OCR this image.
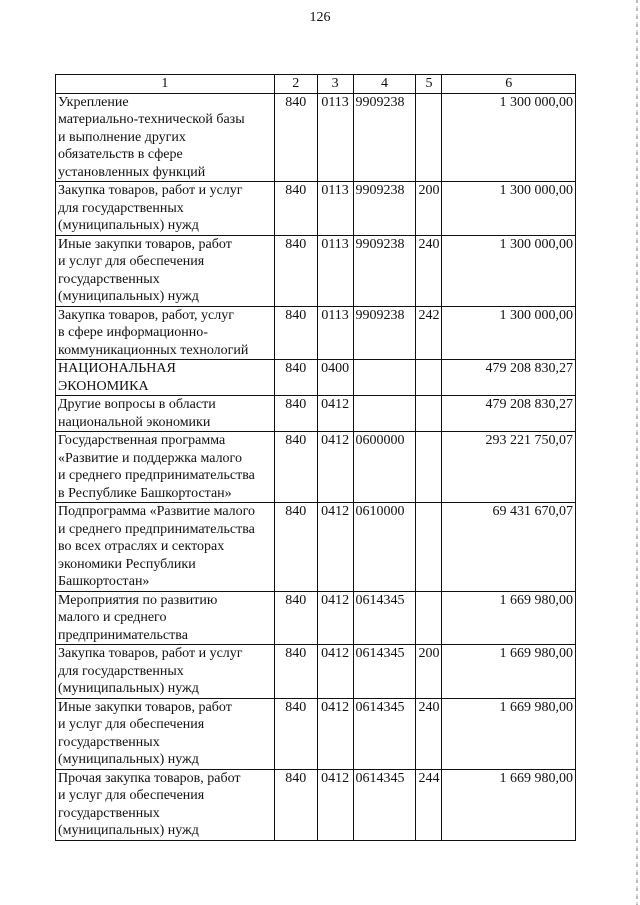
126
1	2	3	4	5	6

Укрепление
материально-технической базы
и выполнение других
обязательств в сфере
установленных функций	840	0113	9909238		1 300 000,00

Закупка товаров, работ и услуг
для государственных
(муниципальных) нужд	840	0113	9909238	200	1 300 000,00

Иные закупки товаров, работ
и услуг для обеспечения
государственных
(муниципальных) нужд	840	0113	9909238	240	1 300 000,00

Закупка товаров, работ, услуг
в сфере информационно-
коммуникационных технологий	840	0113	9909238	242	1 300 000,00

НАЦИОНАЛЬНАЯ
ЭКОНОМИКА	840	0400			479 208 830,27

Другие вопросы в области
национальной экономики	840	0412			479 208 830,27

Государственная программа
«Развитие и поддержка малого
и среднего предпринимательства
в Республике Башкортостан»	840	0412	0600000		293 221 750,07

Подпрограмма «Развитие малого
и среднего предпринимательства
во всех отраслях и секторах
экономики Республики
Башкортостан»	840	0412	0610000		69 431 670,07

Мероприятия по развитию
малого и среднего
предпринимательства	840	0412	0614345		1 669 980,00

Закупка товаров, работ и услуг
для государственных
(муниципальных) нужд	840	0412	0614345	200	1 669 980,00

Иные закупки товаров, работ
и услуг для обеспечения
государственных
(муниципальных) нужд	840	0412	0614345	240	1 669 980,00

Прочая закупка товаров, работ
и услуг для обеспечения
государственных
(муниципальных) нужд	840	0412	0614345	244	1 669 980,00
